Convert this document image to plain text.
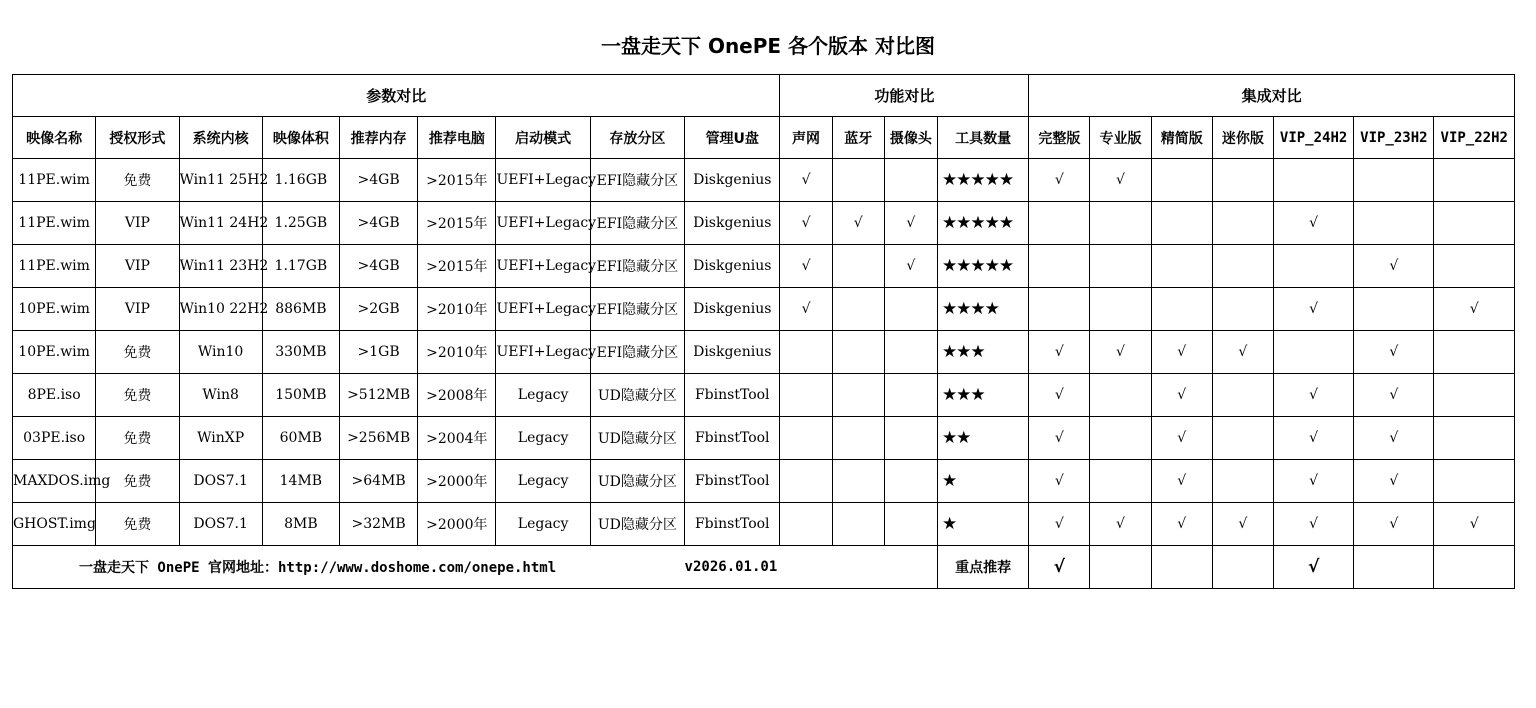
一盘走天下 OnePE 各个版本 对比图
参数对比									功能对比				集成对比						
映像名称	授权形式	系统内核	映像体积	推荐内存	推荐电脑	启动模式	存放分区	管理U盘	声网	蓝牙	摄像头	工具数量	完整版	专业版	精简版	迷你版	VIP_24H2	VIP_23H2	VIP_22H2
11PE.wim	免费	Win11 25H2	1.16GB	>4GB	>2015年	UEFI+Legacy	EFI隐藏分区	Diskgenius	√			★★★★★	√	√					
11PE.wim	VIP	Win11 24H2	1.25GB	>4GB	>2015年	UEFI+Legacy	EFI隐藏分区	Diskgenius	√	√	√	★★★★★					√		
11PE.wim	VIP	Win11 23H2	1.17GB	>4GB	>2015年	UEFI+Legacy	EFI隐藏分区	Diskgenius	√		√	★★★★★						√	
10PE.wim	VIP	Win10 22H2	886MB	>2GB	>2010年	UEFI+Legacy	EFI隐藏分区	Diskgenius	√			★★★★					√		√
10PE.wim	免费	Win10	330MB	>1GB	>2010年	UEFI+Legacy	EFI隐藏分区	Diskgenius				★★★	√	√	√	√		√	
8PE.iso	免费	Win8	150MB	>512MB	>2008年	Legacy	UD隐藏分区	FbinstTool				★★★	√		√		√	√	
03PE.iso	免费	WinXP	60MB	>256MB	>2004年	Legacy	UD隐藏分区	FbinstTool				★★	√		√		√	√	
MAXDOS.img	免费	DOS7.1	14MB	>64MB	>2000年	Legacy	UD隐藏分区	FbinstTool				★	√		√		√	√	
GHOST.img	免费	DOS7.1	8MB	>32MB	>2000年	Legacy	UD隐藏分区	FbinstTool				★	√	√	√	√	√	√	√
一盘走天下 OnePE 官网地址：http://www.doshome.com/onepe.html								v2026.01.01				重点推荐	√				√		
